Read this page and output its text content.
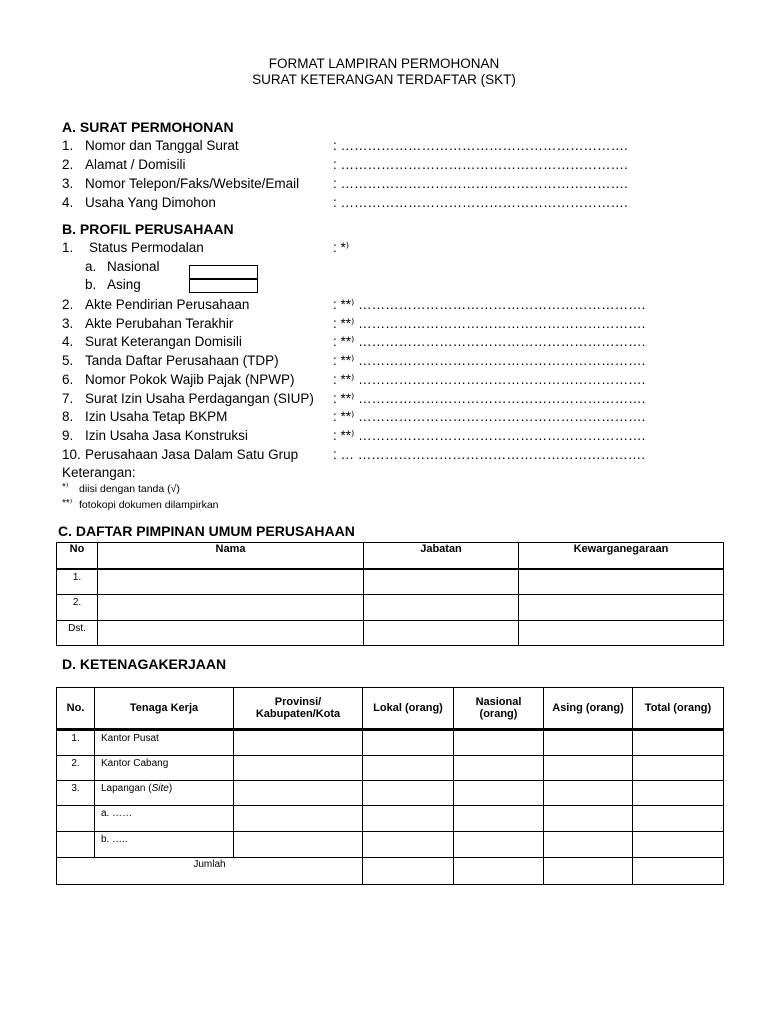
FORMAT LAMPIRAN PERMOHONAN
SURAT KETERANGAN TERDAFTAR (SKT)
A. SURAT PERMOHONAN
1. Nomor dan Tanggal Surat	: ……………………………………………………….
2. Alamat / Domisili	: ……………………………………………………….
3. Nomor Telepon/Faks/Website/Email	: ……………………………………………………….
4. Usaha Yang Dimohon	: ……………………………………………………….
B. PROFIL PERUSAHAAN
1. Status Permodalan	: *⁾
a. Nasional
b. Asing
2. Akte Pendirian Perusahaan	: **⁾ ……………………………………………………….
3. Akte Perubahan Terakhir	: **⁾ ……………………………………………………….
4. Surat Keterangan Domisili	: **⁾ ……………………………………………………….
5. Tanda Daftar Perusahaan (TDP)	: **⁾ ……………………………………………………….
6. Nomor Pokok Wajib Pajak (NPWP)	: **⁾ ……………………………………………………….
7. Surat Izin Usaha Perdagangan (SIUP) : **⁾ ……………………………………………………….
8. Izin Usaha Tetap BKPM	: **⁾ ……………………………………………………….
9. Izin Usaha Jasa Konstruksi	: **⁾ ……………………………………………………….
10. Perusahaan Jasa Dalam Satu Grup	: … ……………………………………………………….
Keterangan:
*⁾ diisi dengan tanda (√)
**⁾ fotokopi dokumen dilampirkan
C. DAFTAR PIMPINAN UMUM PERUSAHAAN
No	Nama	Jabatan	Kewarganegaraan
1.			
2.			
Dst.			
D. KETENAGAKERJAAN
No.	Tenaga Kerja	Provinsi/ Kabupaten/Kota	Lokal (orang)	Nasional (orang)	Asing (orang)	Total (orang)
1.	Kantor Pusat					
2.	Kantor Cabang					
3.	Lapangan (Site)					
	a. ……					
	b. …..					
Jumlah						
